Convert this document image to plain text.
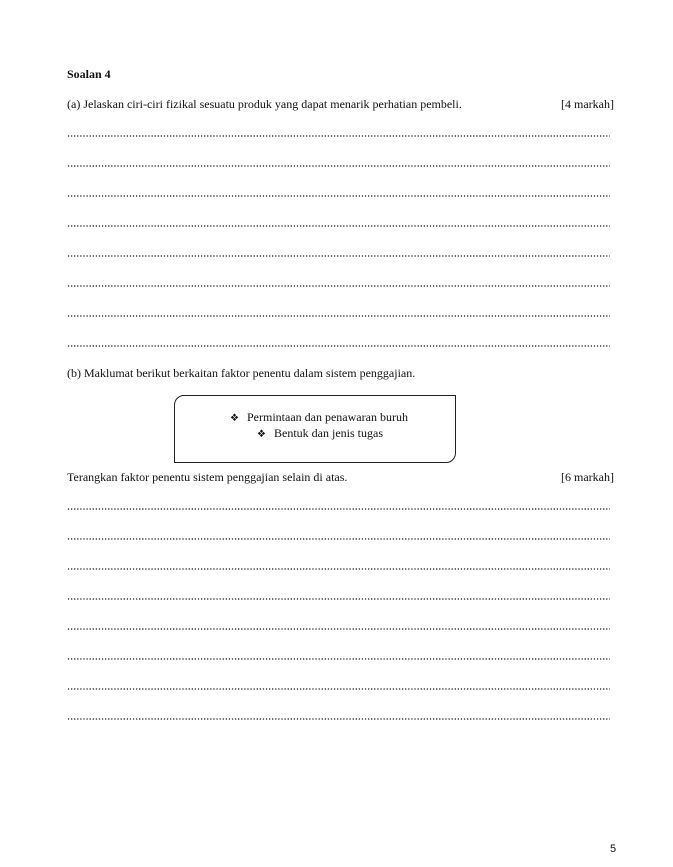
Soalan 4
(a) Jelaskan ciri-ciri fizikal sesuatu produk yang dapat menarik perhatian pembeli.	[4 markah]
(b) Maklumat berikut berkaitan faktor penentu dalam sistem penggajian.
❖ Permintaan dan penawaran buruh
❖ Bentuk dan jenis tugas
Terangkan faktor penentu sistem penggajian selain di atas.	[6 markah]
5
